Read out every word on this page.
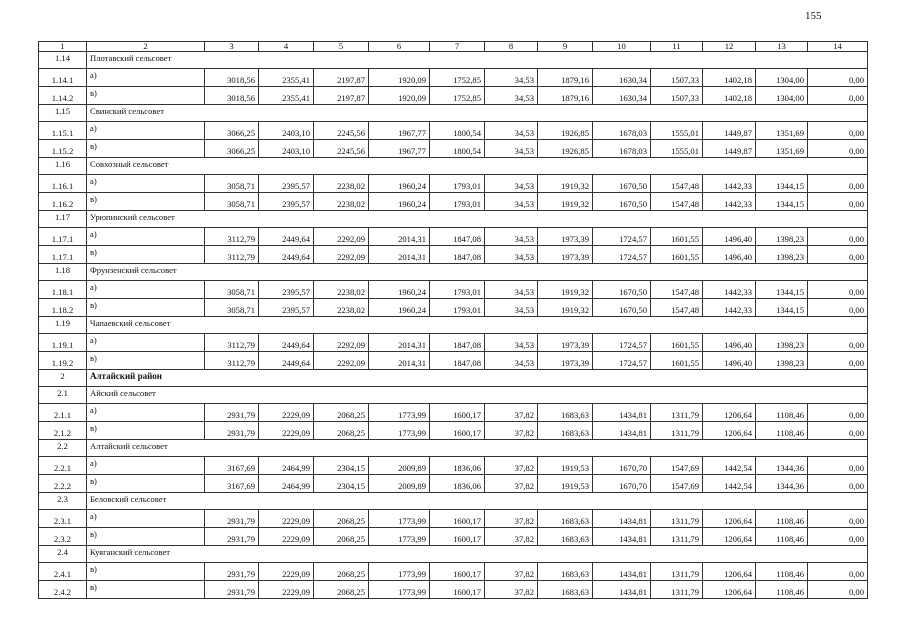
155
1	2	3	4	5	6	7	8	9	10	11	12	13	14
1.14	Плотавский сельсовет												
1.14.1	а)	3018,56	2355,41	2197,87	1920,09	1752,85	34,53	1879,16	1630,34	1507,33	1402,18	1304,00	0,00
1.14.2	в)	3018,56	2355,41	2197,87	1920,09	1752,85	34,53	1879,16	1630,34	1507,33	1402,18	1304,00	0,00
1.15	Свинский сельсовет												
1.15.1	а)	3066,25	2403,10	2245,56	1967,77	1800,54	34,53	1926,85	1678,03	1555,01	1449,87	1351,69	0,00
1.15.2	в)	3066,25	2403,10	2245,56	1967,77	1800,54	34,53	1926,85	1678,03	1555,01	1449,87	1351,69	0,00
1.16	Совхозный сельсовет												
1.16.1	а)	3058,71	2395,57	2238,02	1960,24	1793,01	34,53	1919,32	1670,50	1547,48	1442,33	1344,15	0,00
1.16.2	в)	3058,71	2395,57	2238,02	1960,24	1793,01	34,53	1919,32	1670,50	1547,48	1442,33	1344,15	0,00
1.17	Урюпинский сельсовет												
1.17.1	а)	3112,79	2449,64	2292,09	2014,31	1847,08	34,53	1973,39	1724,57	1601,55	1496,40	1398,23	0,00
1.17.1	в)	3112,79	2449,64	2292,09	2014,31	1847,08	34,53	1973,39	1724,57	1601,55	1496,40	1398,23	0,00
1.18	Фрунзенский сельсовет												
1.18.1	а)	3058,71	2395,57	2238,02	1960,24	1793,01	34,53	1919,32	1670,50	1547,48	1442,33	1344,15	0,00
1.18.2	в)	3058,71	2395,57	2238,02	1960,24	1793,01	34,53	1919,32	1670,50	1547,48	1442,33	1344,15	0,00
1.19	Чапаевский сельсовет												
1.19.1	а)	3112,79	2449,64	2292,09	2014,31	1847,08	34,53	1973,39	1724,57	1601,55	1496,40	1398,23	0,00
1.19.2	в)	3112,79	2449,64	2292,09	2014,31	1847,08	34,53	1973,39	1724,57	1601,55	1496,40	1398,23	0,00
2	Алтайский район												
2.1	Айский сельсовет												
2.1.1	а)	2931,79	2229,09	2068,25	1773,99	1600,17	37,82	1683,63	1434,81	1311,79	1206,64	1108,46	0,00
2.1.2	в)	2931,79	2229,09	2068,25	1773,99	1600,17	37,82	1683,63	1434,81	1311,79	1206,64	1108,46	0,00
2.2	Алтайский сельсовет												
2.2.1	а)	3167,69	2464,99	2304,15	2009,89	1836,06	37,82	1919,53	1670,70	1547,69	1442,54	1344,36	0,00
2.2.2	в)	3167,69	2464,99	2304,15	2009,89	1836,06	37,82	1919,53	1670,70	1547,69	1442,54	1344,36	0,00
2.3	Беловский сельсовет												
2.3.1	а)	2931,79	2229,09	2068,25	1773,99	1600,17	37,82	1683,63	1434,81	1311,79	1206,64	1108,46	0,00
2.3.2	в)	2931,79	2229,09	2068,25	1773,99	1600,17	37,82	1683,63	1434,81	1311,79	1206,64	1108,46	0,00
2.4	Куяганский сельсовет												
2.4.1	в)	2931,79	2229,09	2068,25	1773,99	1600,17	37,82	1683,63	1434,81	1311,79	1206,64	1108,46	0,00
2.4.2	в)	2931,79	2229,09	2068,25	1773,99	1600,17	37,82	1683,63	1434,81	1311,79	1206,64	1108,46	0,00
